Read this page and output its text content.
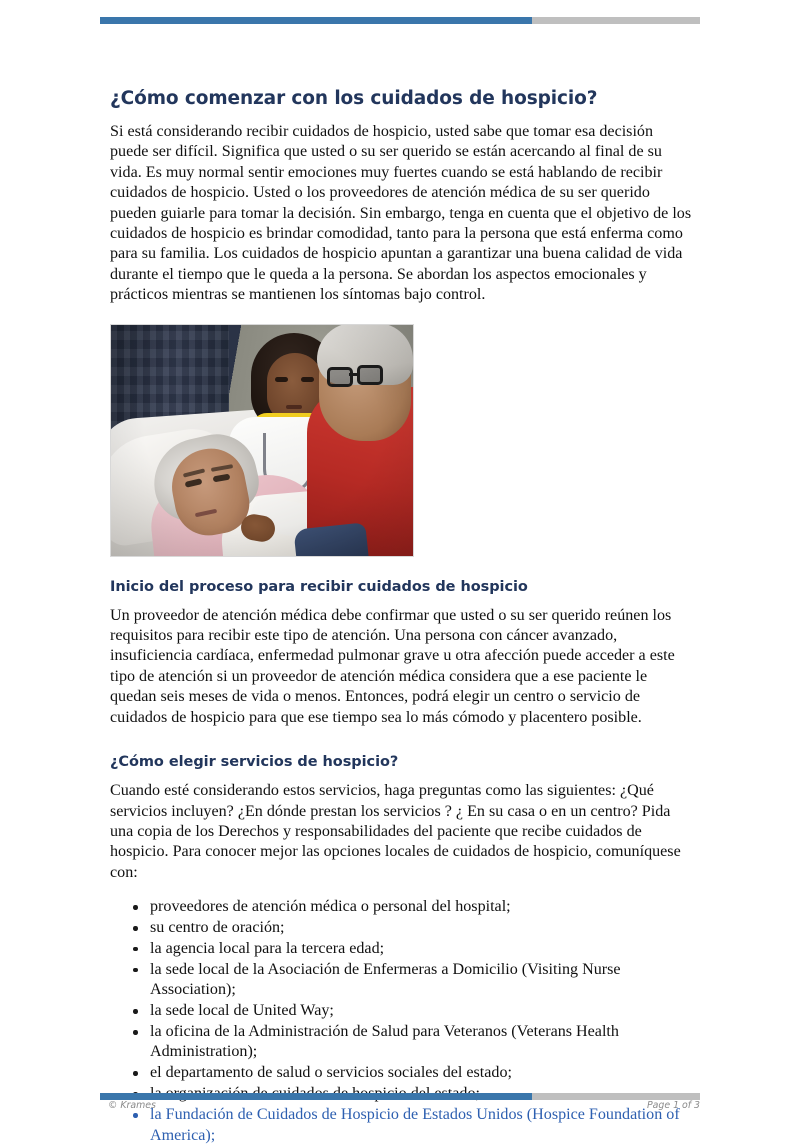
¿Cómo comenzar con los cuidados de hospicio?

Si está considerando recibir cuidados de hospicio, usted sabe que tomar esa decisión puede ser difícil. Significa que usted o su ser querido se están acercando al final de su vida. Es muy normal sentir emociones muy fuertes cuando se está hablando de recibir cuidados de hospicio. Usted o los proveedores de atención médica de su ser querido pueden guiarle para tomar la decisión. Sin embargo, tenga en cuenta que el objetivo de los cuidados de hospicio es brindar comodidad, tanto para la persona que está enferma como para su familia. Los cuidados de hospicio apuntan a garantizar una buena calidad de vida durante el tiempo que le queda a la persona. Se abordan los aspectos emocionales y prácticos mientras se mantienen los síntomas bajo control.

Inicio del proceso para recibir cuidados de hospicio

Un proveedor de atención médica debe confirmar que usted o su ser querido reúnen los requisitos para recibir este tipo de atención. Una persona con cáncer avanzado, insuficiencia cardíaca, enfermedad pulmonar grave u otra afección puede acceder a este tipo de atención si un proveedor de atención médica considera que a ese paciente le quedan seis meses de vida o menos. Entonces, podrá elegir un centro o servicio de cuidados de hospicio para que ese tiempo sea lo más cómodo y placentero posible.

¿Cómo elegir servicios de hospicio?

Cuando esté considerando estos servicios, haga preguntas como las siguientes: ¿Qué servicios incluyen? ¿En dónde prestan los servicios ? ¿ En su casa o en un centro? Pida una copia de los Derechos y responsabilidades del paciente que recibe cuidados de hospicio. Para conocer mejor las opciones locales de cuidados de hospicio, comuníquese con:

proveedores de atención médica o personal del hospital;
su centro de oración;
la agencia local para la tercera edad;
la sede local de la Asociación de Enfermeras a Domicilio (Visiting Nurse Association);
la sede local de United Way;
la oficina de la Administración de Salud para Veteranos (Veterans Health Administration);
el departamento de salud o servicios sociales del estado;
la Fundación de Cuidados de Hospicio de Estados Unidos (Hospice Foundation of America);
© Krames	Page 1 of 3
